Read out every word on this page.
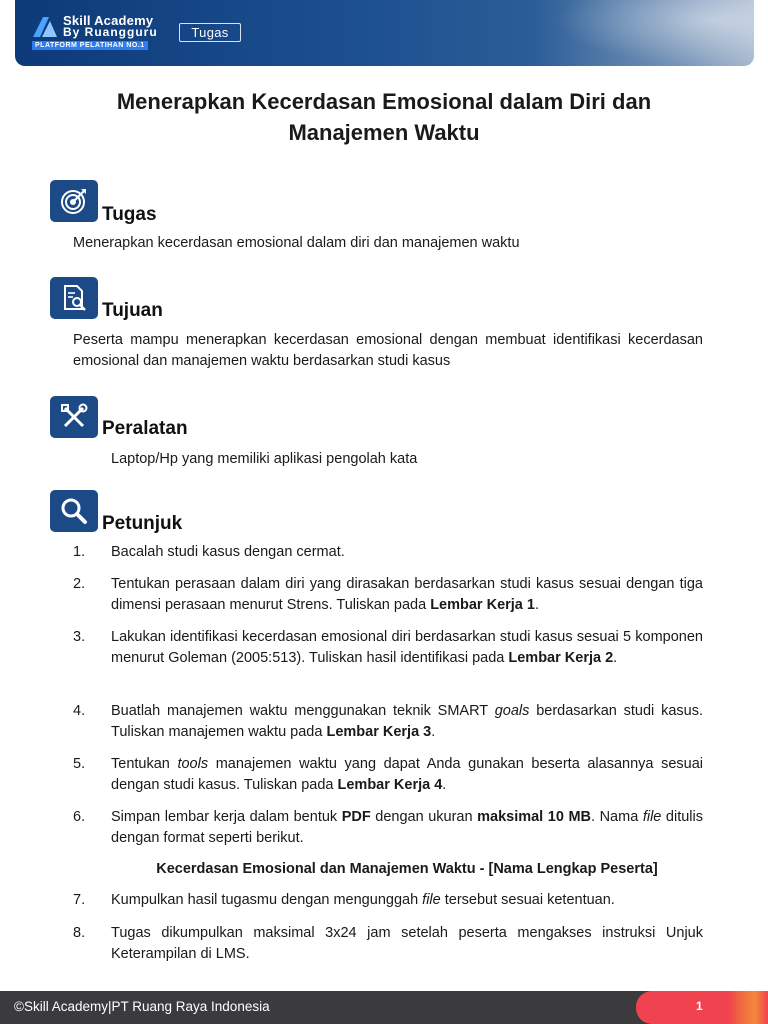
Skill Academy
By Ruangguru
PLATFORM PELATIHAN NO.1
Tugas
Menerapkan Kecerdasan Emosional dalam Diri dan
Manajemen Waktu
Tugas
Menerapkan kecerdasan emosional dalam diri dan manajemen waktu
Tujuan
Peserta mampu menerapkan kecerdasan emosional dengan membuat identifikasi kecerdasan emosional dan manajemen waktu berdasarkan studi kasus
Peralatan
Laptop/Hp yang memiliki aplikasi pengolah kata
Petunjuk
1. Bacalah studi kasus dengan cermat.
2. Tentukan perasaan dalam diri yang dirasakan berdasarkan studi kasus sesuai dengan tiga dimensi perasaan menurut Strens. Tuliskan pada Lembar Kerja 1.
3. Lakukan identifikasi kecerdasan emosional diri berdasarkan studi kasus sesuai 5 komponen menurut Goleman (2005:513). Tuliskan hasil identifikasi pada Lembar Kerja 2.
4. Buatlah manajemen waktu menggunakan teknik SMART goals berdasarkan studi kasus. Tuliskan manajemen waktu pada Lembar Kerja 3.
5. Tentukan tools manajemen waktu yang dapat Anda gunakan beserta alasannya sesuai dengan studi kasus. Tuliskan pada Lembar Kerja 4.
6. Simpan lembar kerja dalam bentuk PDF dengan ukuran maksimal 10 MB. Nama file ditulis dengan format seperti berikut.
7. Kumpulkan hasil tugasmu dengan mengunggah file tersebut sesuai ketentuan.
8. Tugas dikumpulkan maksimal 3x24 jam setelah peserta mengakses instruksi Unjuk Keterampilan di LMS.
Kecerdasan Emosional dan Manajemen Waktu - [Nama Lengkap Peserta]
©Skill Academy|PT Ruang Raya Indonesia	1
